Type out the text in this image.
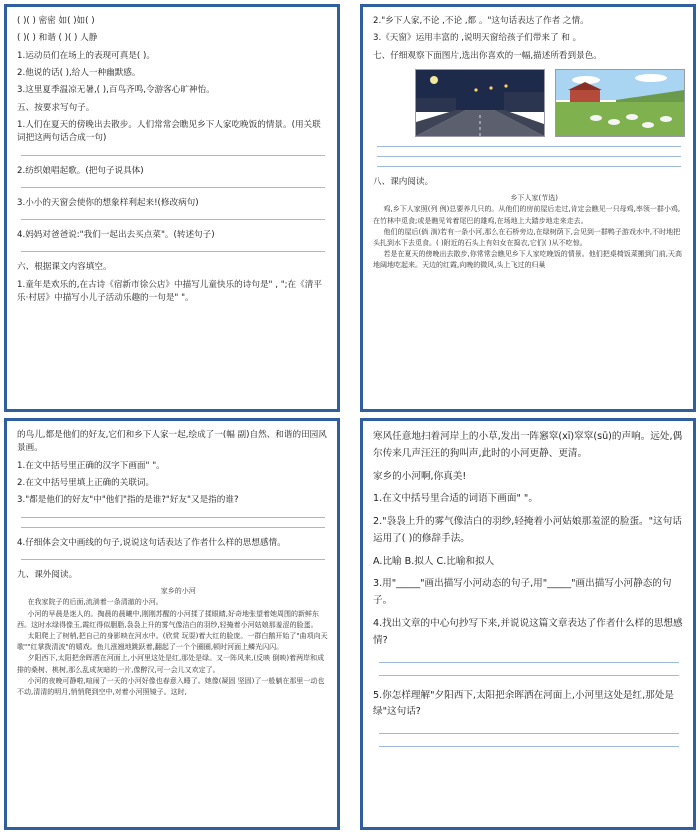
( )( ) 密密 如( )如( )

( )( ) 和谐 ( )( ) 人静

1.运动员们在场上的表现可真是( )。

2.他说的话( ),给人一种幽默感。

3.这里夏季温凉无暑,( ),百鸟齐鸣,令游客心旷神怡。

五、按要求写句子。

1.人们在夏天的傍晚出去散步。人们常常会瞧见乡下人家吃晚饭的情景。(用关联词把这两句话合成一句)

2.纺织娘唱起歌。(把句子说具体)

3.小小的天窗会使你的想象样利起来!(修改病句)

4.妈妈对爸爸说:"我们一起出去买点菜"。(转述句子)

六、根据课文内容填空。

1.童年是欢乐的,在古诗《宿新市徐公店》中描写儿童快乐的诗句是" , ";在《清平乐·村居》中描写小儿子活动乐趣的一句是" "。

2."乡下人家,不论 ,不论 ,都 。"这句话表达了作者 之情。

3.《天窗》运用丰富的 ,说明天窗给孩子们带来了 和 。

七、仔细观察下面图片,选出你喜欢的一幅,描述所看到景色。

八、课内阅读。

乡下人家(节选)

鸡,乡下人家照(列 例)总要养几只的。从他们的房前屋后走过,肯定会瞧见一只母鸡,率领一群小鸡,在竹林中觅食;或是瞧见耸着尾巴的雄鸡,在场地上大踏步地走来走去。

他们的屋后(倘 淌)若有一条小河,那么在石桥旁边,在绿树荫下,会见到一群鸭子游戏水中,不时地把头扎到水下去觅食。( )附近的石头上有妇女在捣衣,它们( )从不吃惊。

若是在夏天的傍晚出去散步,你常常会瞧见乡下人家吃晚饭的情景。他们把桌椅饭菜搬到门前,天高地阔地吃起来。天边的红霞,向晚的微风,头上飞过的归巢

的鸟儿,都是他们的好友,它们和乡下人家一起,绘成了一(幅 副)自然、和谐的田园风景画。

1.在文中括号里正确的汉字下画面" "。

2.在文中括号里填上正确的关联词。

3."都是他们的好友"中"他们"指的是谁?"好友"又是指的谁?

4.仔细体会文中画线的句子,说说这句话表达了作者什么样的思想感情。

九、课外阅读。

家乡的小河

在我家院子的后面,流淌着一条清澈的小河。

小河的早晨是迷人的。掏晨的晨曦中,刚刚苏醒的小河揉了揉眼睛,好奇地张望着她周围的新鲜东西。这时水绿得像玉,霞红得似胭脂,袅袅上升的雾气像洁白的羽纱,轻掩着小河姑娘那羞涩的脸蛋。

太阳爬上了树梢,把自己的身影映在河水中。(欣赏 玩耍)着大红的脸庞。一群白鹅开始了"曲项向天歌""红掌拨清波"的嬉戏。鱼儿涨翘地跳跃着,翻起了一个个圈圈,顿时河面上鳞光闪闪。

夕阳西下,太阳把余晖洒在河面上,小河里这处是红,那处是绿。又一阵风来,(反映 倒映)着两岸和成排的桑树、桃树,那么乱成灰暗的一片,像醉汉,可一会儿又欢定了。

小河的夜晚可静啦,喧闹了一天的小河好像也春意入睡了。她像(凝固 坚固)了一般躺在那里一动也不动,清清的明月,悄悄爬到空中,对着小河照镜子。这时,

寒风任意地扫着河岸上的小草,发出一阵窸窣(xī)窣窣(sū)的声响。远处,偶尔传来几声汪汪的狗叫声,此时的小河更静、更清。

家乡的小河啊,你真美!

1.在文中括号里合适的词语下画面" "。

2."袅袅上升的雾气像洁白的羽纱,轻掩着小河姑娘那羞涩的脸蛋。"这句话运用了( )的修辞手法。

A.比喻 B.拟人 C.比喻和拟人

3.用"_____"画出描写小河动态的句子,用"_____"画出描写小河静态的句子。

4.找出文章的中心句抄写下来,并说说这篇文章表达了作者什么样的思想感情?

5.你怎样理解"夕阳西下,太阳把余晖洒在河面上,小河里这处是红,那处是绿"这句话?
